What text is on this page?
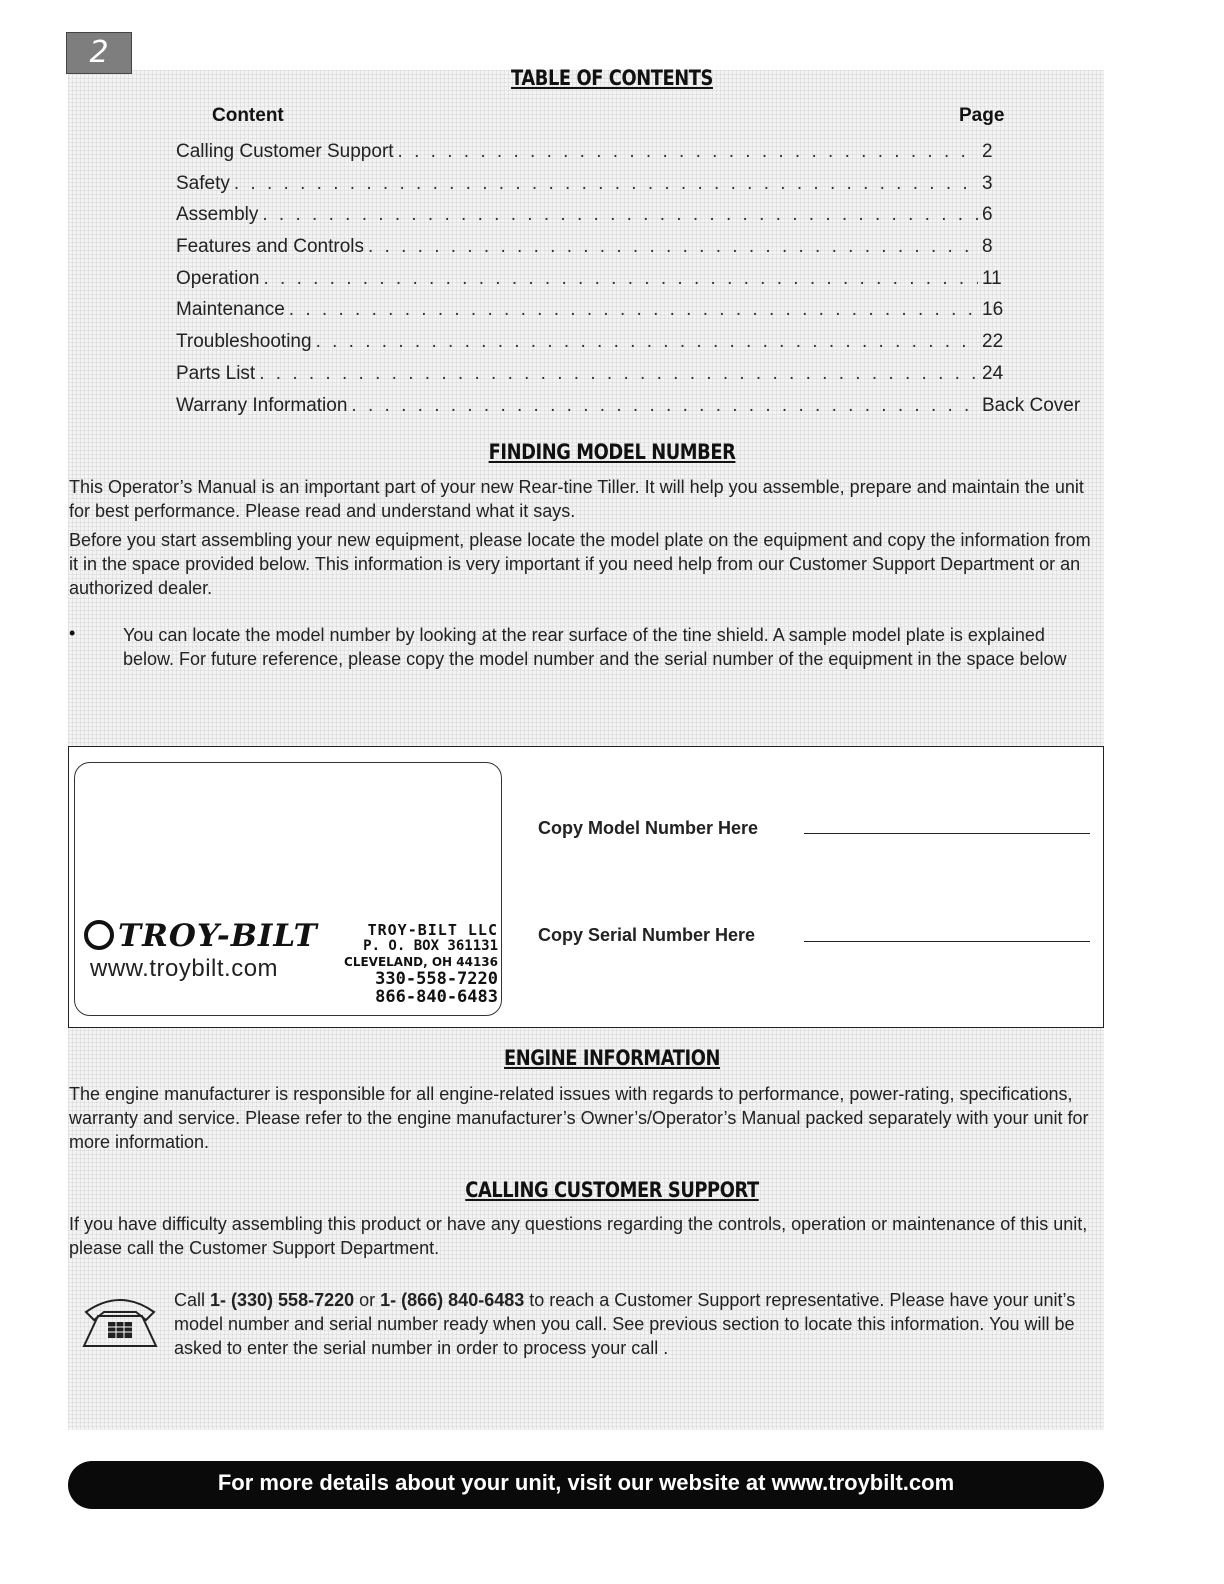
2
TABLE OF CONTENTS
Content	Page
Calling Customer Support . . .	2
Safety . . .	3
Assembly . . .	6
Features and Controls . . .	8
Operation . . .	11
Maintenance . . .	16
Troubleshooting . . .	22
Parts List . . .	24
Warrany Information . . .	Back Cover
FINDING MODEL NUMBER

This Operator’s Manual is an important part of your new Rear-tine Tiller. It will help you assemble, prepare and maintain the unit for best performance. Please read and understand what it says.

Before you start assembling your new equipment, please locate the model plate on the equipment and copy the information from it in the space provided below. This information is very important if you need help from our Customer Support Department or an authorized dealer.

•	You can locate the model number by looking at the rear surface of the tine shield. A sample model plate is explained below. For future reference, please copy the model number and the serial number of the equipment in the space below

TROY-BILT
www.troybilt.com
TROY-BILT LLC
P. O. BOX 361131
CLEVELAND, OH 44136
330-558-7220
866-840-6483
Copy Model Number Here
Copy Serial Number Here
ENGINE INFORMATION

The engine manufacturer is responsible for all engine-related issues with regards to performance, power-rating, specifications, warranty and service. Please refer to the engine manufacturer’s Owner’s/Operator’s Manual packed separately with your unit for more information.

CALLING CUSTOMER SUPPORT

If you have difficulty assembling this product or have any questions regarding the controls, operation or maintenance of this unit, please call the Customer Support Department.

Call 1- (330) 558-7220 or 1- (866) 840-6483 to reach a Customer Support representative. Please have your unit’s model number and serial number ready when you call. See previous section to locate this information. You will be asked to enter the serial number in order to process your call .

For more details about your unit, visit our website at www.troybilt.com
